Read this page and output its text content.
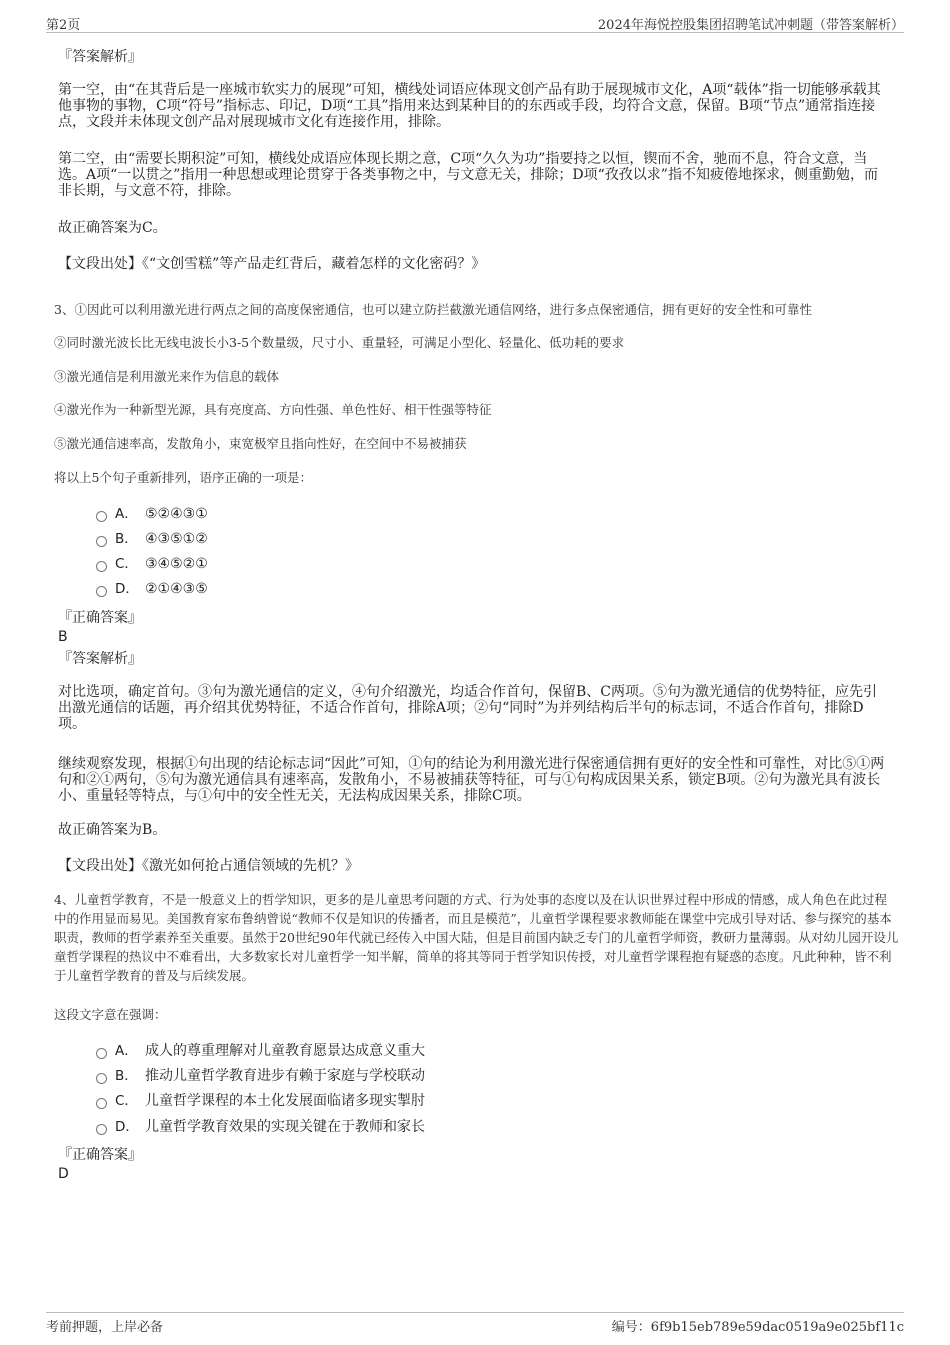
第2页	2024年海悦控股集团招聘笔试冲刺题（带答案解析）
『答案解析』
第一空，由“在其背后是一座城市软实力的展现”可知，横线处词语应体现文创产品有助于展现城市文化，A项“载体”指一切能够承载其他事物的事物，C项“符号”指标志、印记，D项“工具”指用来达到某种目的的东西或手段，均符合文意，保留。B项“节点”通常指连接点，文段并未体现文创产品对展现城市文化有连接作用，排除。
第二空，由“需要长期积淀”可知，横线处成语应体现长期之意，C项“久久为功”指要持之以恒，锲而不舍，驰而不息，符合文意，当选。A项“一以贯之”指用一种思想或理论贯穿于各类事物之中，与文意无关，排除；D项“孜孜以求”指不知疲倦地探求，侧重勤勉，而非长期，与文意不符，排除。
故正确答案为C。
【文段出处】《“文创雪糕”等产品走红背后，藏着怎样的文化密码？》
3、①因此可以利用激光进行两点之间的高度保密通信，也可以建立防拦截激光通信网络，进行多点保密通信，拥有更好的安全性和可靠性
②同时激光波长比无线电波长小3-5个数量级，尺寸小、重量轻，可满足小型化、轻量化、低功耗的要求
③激光通信是利用激光来作为信息的载体
④激光作为一种新型光源，具有亮度高、方向性强、单色性好、相干性强等特征
⑤激光通信速率高，发散角小，束宽极窄且指向性好，在空间中不易被捕获
将以上5个句子重新排列，语序正确的一项是：
A． ⑤②④③①
B． ④③⑤①②
C． ③④⑤②①
D． ②①④③⑤
『正确答案』
B
『答案解析』
对比选项，确定首句。③句为激光通信的定义，④句介绍激光，均适合作首句，保留B、C两项。⑤句为激光通信的优势特征，应先引出激光通信的话题，再介绍其优势特征，不适合作首句，排除A项；②句“同时”为并列结构后半句的标志词，不适合作首句，排除D项。
继续观察发现，根据①句出现的结论标志词“因此”可知，①句的结论为利用激光进行保密通信拥有更好的安全性和可靠性，对比⑤①两句和②①两句，⑤句为激光通信具有速率高，发散角小，不易被捕获等特征，可与①句构成因果关系，锁定B项。②句为激光具有波长小、重量轻等特点，与①句中的安全性无关，无法构成因果关系，排除C项。
故正确答案为B。
【文段出处】《激光如何抢占通信领域的先机？》
4、儿童哲学教育，不是一般意义上的哲学知识，更多的是儿童思考问题的方式、行为处事的态度以及在认识世界过程中形成的情感，成人角色在此过程中的作用显而易见。美国教育家布鲁纳曾说“教师不仅是知识的传播者，而且是模范”，儿童哲学课程要求教师能在课堂中完成引导对话、参与探究的基本职责，教师的哲学素养至关重要。虽然于20世纪90年代就已经传入中国大陆，但是目前国内缺乏专门的儿童哲学师资，教研力量薄弱。从对幼儿园开设儿童哲学课程的热议中不难看出，大多数家长对儿童哲学一知半解，简单的将其等同于哲学知识传授，对儿童哲学课程抱有疑惑的态度。凡此种种，皆不利于儿童哲学教育的普及与后续发展。
这段文字意在强调：
A． 成人的尊重理解对儿童教育愿景达成意义重大
B． 推动儿童哲学教育进步有赖于家庭与学校联动
C． 儿童哲学课程的本土化发展面临诸多现实掣肘
D． 儿童哲学教育效果的实现关键在于教师和家长
『正确答案』
D
考前押题，上岸必备	编号：6f9b15eb789e59dac0519a9e025bf11c
